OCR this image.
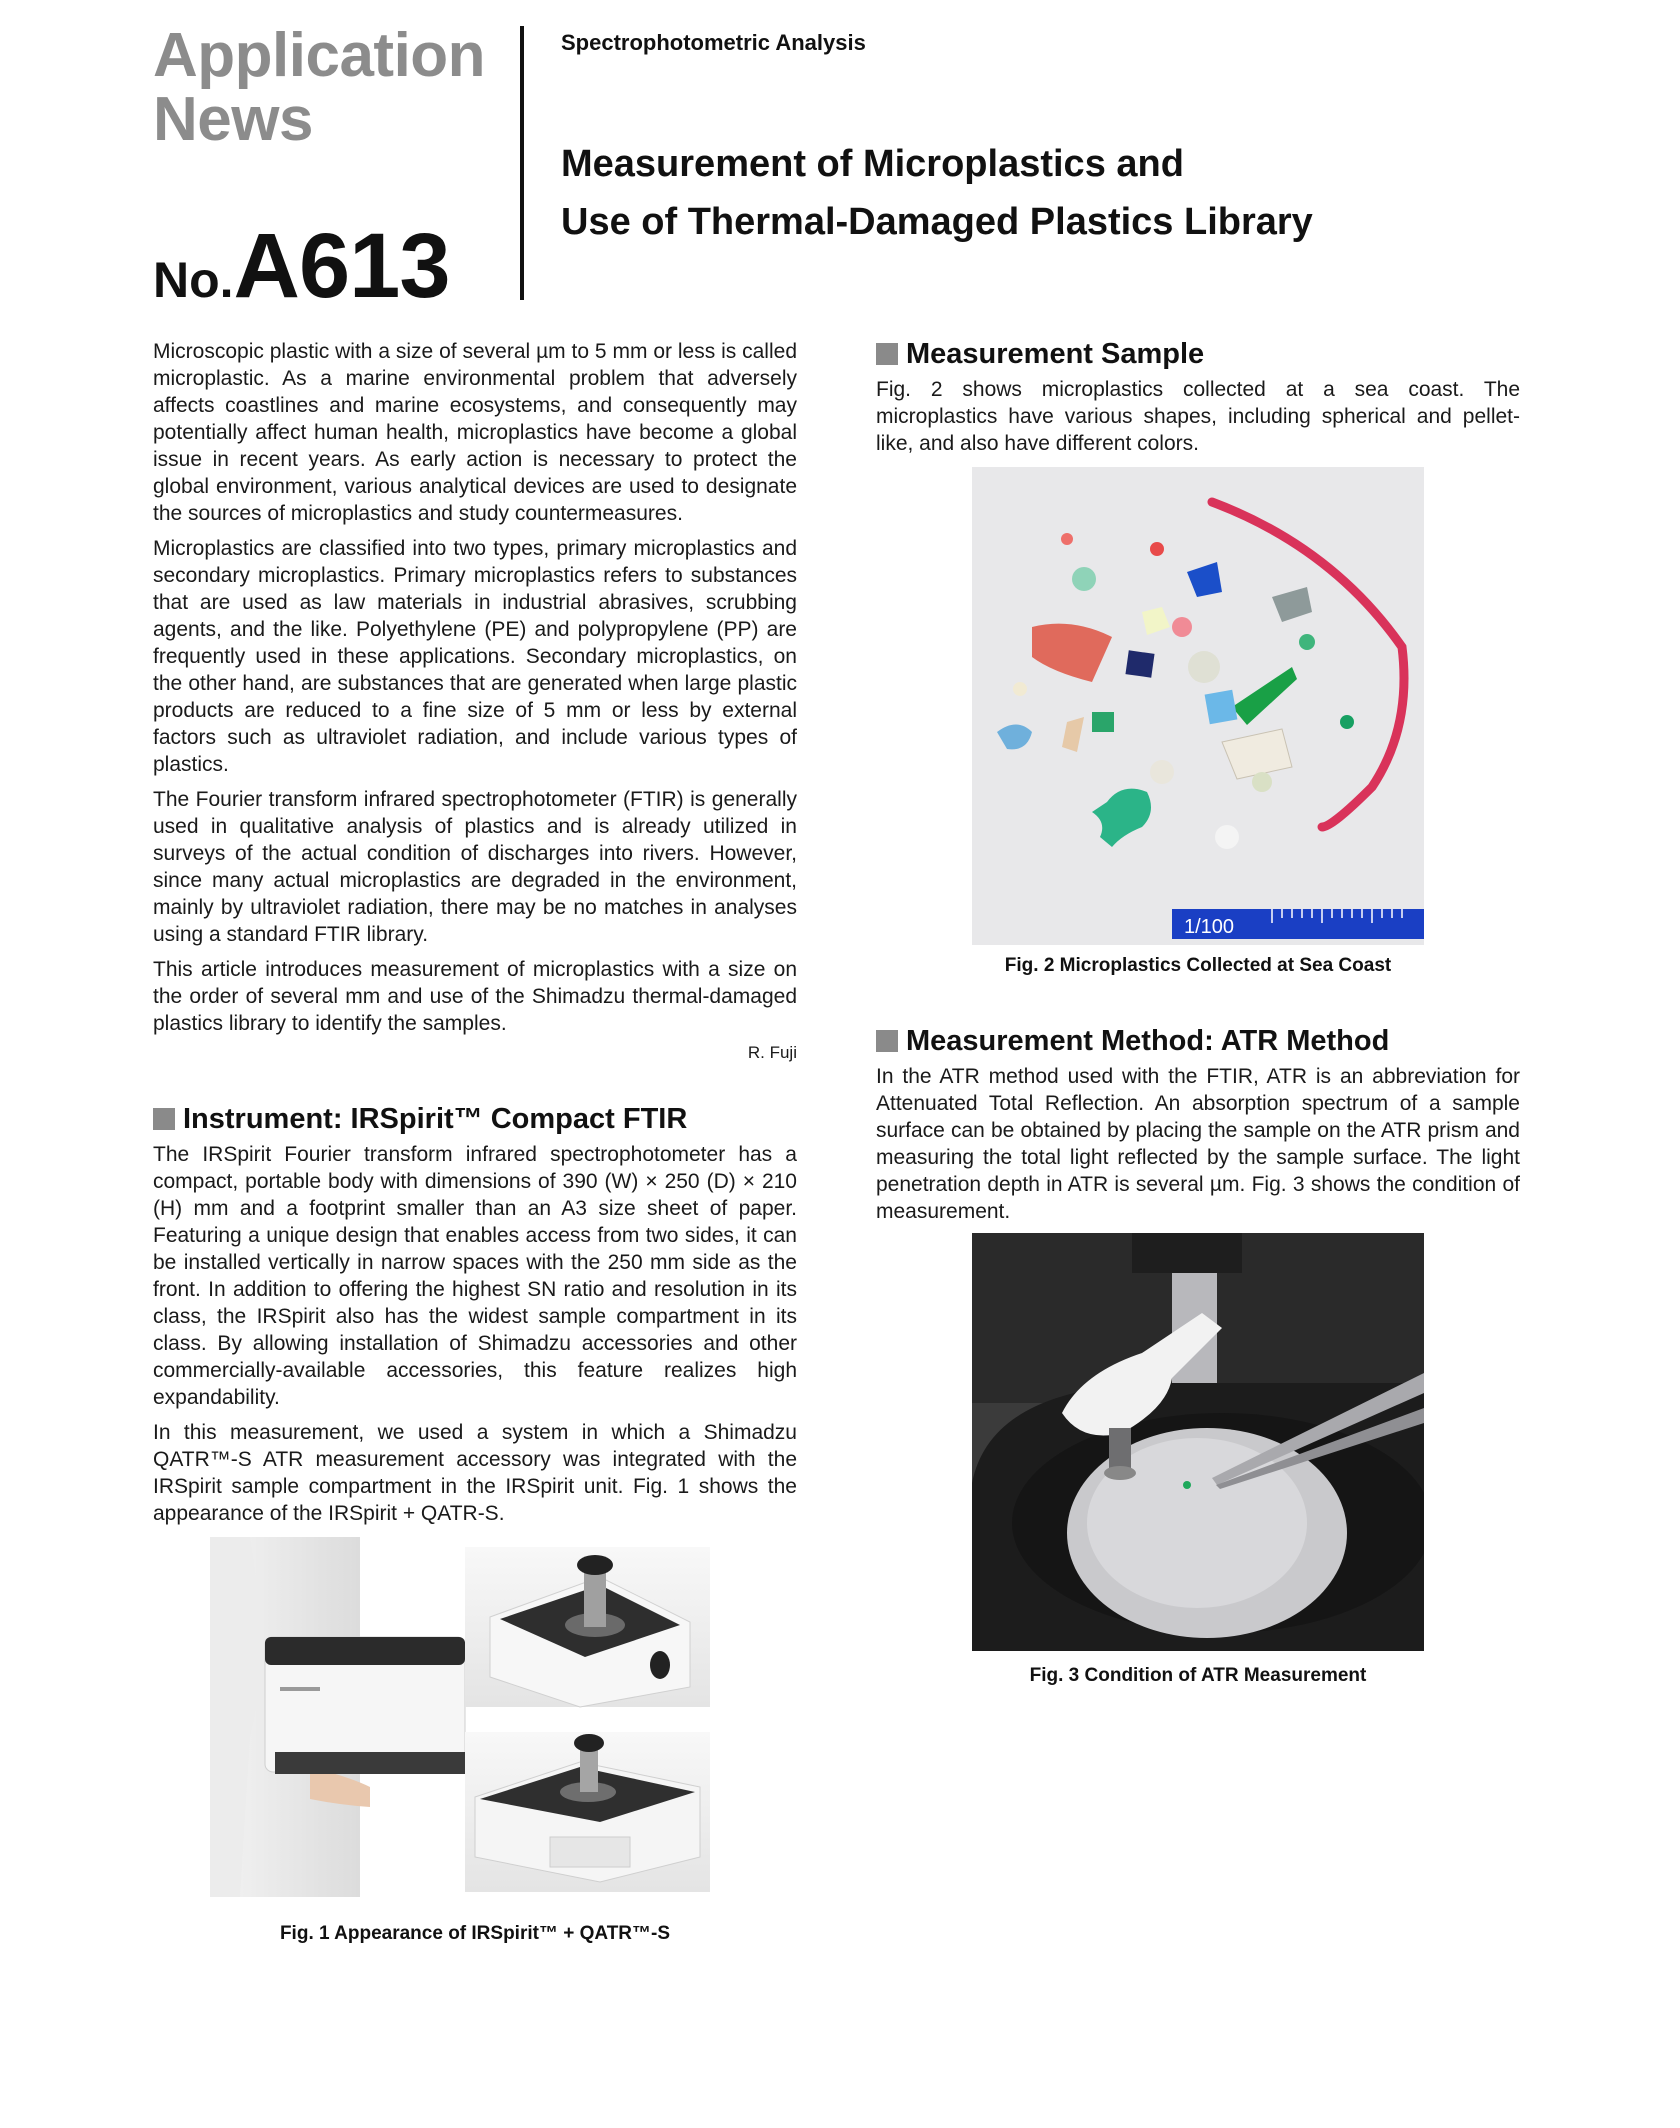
Application
News
No.A613
Spectrophotometric Analysis
Measurement of Microplastics and
Use of Thermal-Damaged Plastics Library

Microscopic plastic with a size of several µm to 5 mm or less is called microplastic. As a marine environmental problem that adversely affects coastlines and marine ecosystems, and consequently may potentially affect human health, microplastics have become a global issue in recent years. As early action is necessary to protect the global environment, various analytical devices are used to designate the sources of microplastics and study countermeasures.

Microplastics are classified into two types, primary microplastics and secondary microplastics. Primary microplastics refers to substances that are used as law materials in industrial abrasives, scrubbing agents, and the like. Polyethylene (PE) and polypropylene (PP) are frequently used in these applications. Secondary microplastics, on the other hand, are substances that are generated when large plastic products are reduced to a fine size of 5 mm or less by external factors such as ultraviolet radiation, and include various types of plastics.

The Fourier transform infrared spectrophotometer (FTIR) is generally used in qualitative analysis of plastics and is already utilized in surveys of the actual condition of discharges into rivers. However, since many actual microplastics are degraded in the environment, mainly by ultraviolet radiation, there may be no matches in analyses using a standard FTIR library.

This article introduces measurement of microplastics with a size on the order of several mm and use of the Shimadzu thermal-damaged plastics library to identify the samples.

R. Fuji
Instrument: IRSpirit™ Compact FTIR

The IRSpirit Fourier transform infrared spectrophotometer has a compact, portable body with dimensions of 390 (W) × 250 (D) × 210 (H) mm and a footprint smaller than an A3 size sheet of paper. Featuring a unique design that enables access from two sides, it can be installed vertically in narrow spaces with the 250 mm side as the front. In addition to offering the highest SN ratio and resolution in its class, the IRSpirit also has the widest sample compartment in its class. By allowing installation of Shimadzu accessories and other commercially-available accessories, this feature realizes high expandability.

In this measurement, we used a system in which a Shimadzu QATR™-S ATR measurement accessory was integrated with the IRSpirit sample compartment in the IRSpirit unit. Fig. 1 shows the appearance of the IRSpirit + QATR-S.

Fig. 1 Appearance of IRSpirit™ + QATR™-S
Measurement Sample

Fig. 2 shows microplastics collected at a sea coast. The microplastics have various shapes, including spherical and pellet-like, and also have different colors.

1/100
Fig. 2 Microplastics Collected at Sea Coast
Measurement Method: ATR Method

In the ATR method used with the FTIR, ATR is an abbreviation for Attenuated Total Reflection. An absorption spectrum of a sample surface can be obtained by placing the sample on the ATR prism and measuring the total light reflected by the sample surface. The light penetration depth in ATR is several µm. Fig. 3 shows the condition of measurement.

Fig. 3 Condition of ATR Measurement
